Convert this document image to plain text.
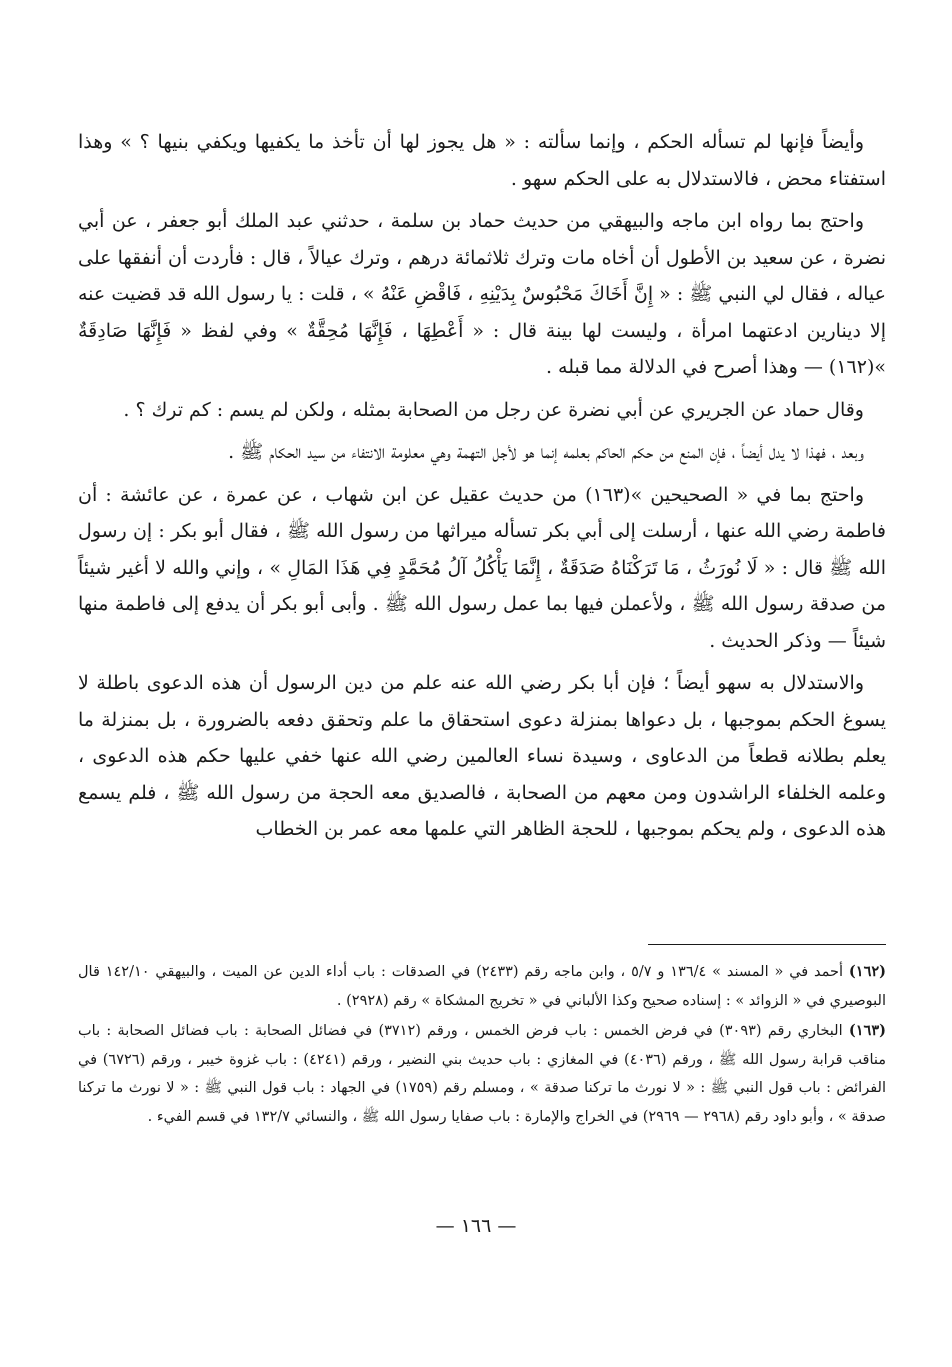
وأيضاً فإنها لم تسأله الحكم ، وإنما سألته : « هل يجوز لها أن تأخذ ما يكفيها ويكفي بنيها ؟ » وهذا استفتاء محض ، فالاستدلال به على الحكم سهو .

واحتج بما رواه ابن ماجه والبيهقي من حديث حماد بن سلمة ، حدثني عبد الملك أبو جعفر ، عن أبي نضرة ، عن سعيد بن الأطول أن أخاه مات وترك ثلاثمائة درهم ، وترك عيالاً ، قال : فأردت أن أنفقها على عياله ، فقال لي النبي ﷺ : « إِنَّ أَخَاكَ مَحْبُوسٌ بِدَيْنِهِ ، فَاقْضِ عَنْهُ » ، قلت : يا رسول الله قد قضيت عنه إلا دينارين ادعتهما امرأة ، وليست لها بينة قال : « أَعْطِهَا ، فَإِنَّهَا مُحِقَّةٌ » وفي لفظ « فَإِنَّهَا صَادِقَةٌ »(١٦٢) — وهذا أصرح في الدلالة مما قبله .

وقال حماد عن الجريري عن أبي نضرة عن رجل من الصحابة بمثله ، ولكن لم يسم : كم ترك ؟ .

وبعد ، فهذا لا يدل أيضاً ، فإن المنع من حكم الحاكم بعلمه إنما هو لأجل التهمة وهي معلومة الانتفاء من سيد الحكام ﷺ .

واحتج بما في « الصحيحين »(١٦٣) من حديث عقيل عن ابن شهاب ، عن عمرة ، عن عائشة : أن فاطمة رضي الله عنها ، أرسلت إلى أبي بكر تسأله ميراثها من رسول الله ﷺ ، فقال أبو بكر : إن رسول الله ﷺ قال : « لَا نُورَثُ ، مَا تَرَكْنَاهُ صَدَقَةٌ ، إِنَّمَا يَأْكُلُ آلُ مُحَمَّدٍ فِي هَذَا المَالِ » ، وإني والله لا أغير شيئاً من صدقة رسول الله ﷺ ، ولأعملن فيها بما عمل رسول الله ﷺ . وأبى أبو بكر أن يدفع إلى فاطمة منها شيئاً — وذكر الحديث .

والاستدلال به سهو أيضاً ؛ فإن أبا بكر رضي الله عنه علم من دين الرسول أن هذه الدعوى باطلة لا يسوغ الحكم بموجبها ، بل دعواها بمنزلة دعوى استحقاق ما علم وتحقق دفعه بالضرورة ، بل بمنزلة ما يعلم بطلانه قطعاً من الدعاوى ، وسيدة نساء العالمين رضي الله عنها خفي عليها حكم هذه الدعوى ، وعلمه الخلفاء الراشدون ومن معهم من الصحابة ، فالصديق معه الحجة من رسول الله ﷺ ، فلم يسمع هذه الدعوى ، ولم يحكم بموجبها ، للحجة الظاهر التي علمها معه عمر بن الخطاب

(١٦٢) أحمد في « المسند » ١٣٦/٤ و ٥/٧ ، وابن ماجه رقم (٢٤٣٣) في الصدقات : باب أداء الدين عن الميت ، والبيهقي ١٤٢/١٠ قال البوصيري في « الزوائد » : إسناده صحيح وكذا الألباني في « تخريج المشكاة » رقم (٢٩٢٨) .

(١٦٣) البخاري رقم (٣٠٩٣) في فرض الخمس : باب فرض الخمس ، ورقم (٣٧١٢) في فضائل الصحابة : باب فضائل الصحابة : باب مناقب قرابة رسول الله ﷺ ، ورقم (٤٠٣٦) في المغازي : باب حديث بني النضير ، ورقم (٤٢٤١) : باب غزوة خيبر ، ورقم (٦٧٢٦) في الفرائض : باب قول النبي ﷺ : « لا نورث ما تركنا صدقة » ، ومسلم رقم (١٧٥٩) في الجهاد : باب قول النبي ﷺ : « لا نورث ما تركنا صدقة » ، وأبو داود رقم (٢٩٦٨ — ٢٩٦٩) في الخراج والإمارة : باب صفايا رسول الله ﷺ ، والنسائي ١٣٢/٧ في قسم الفيء .

— ١٦٦ —
